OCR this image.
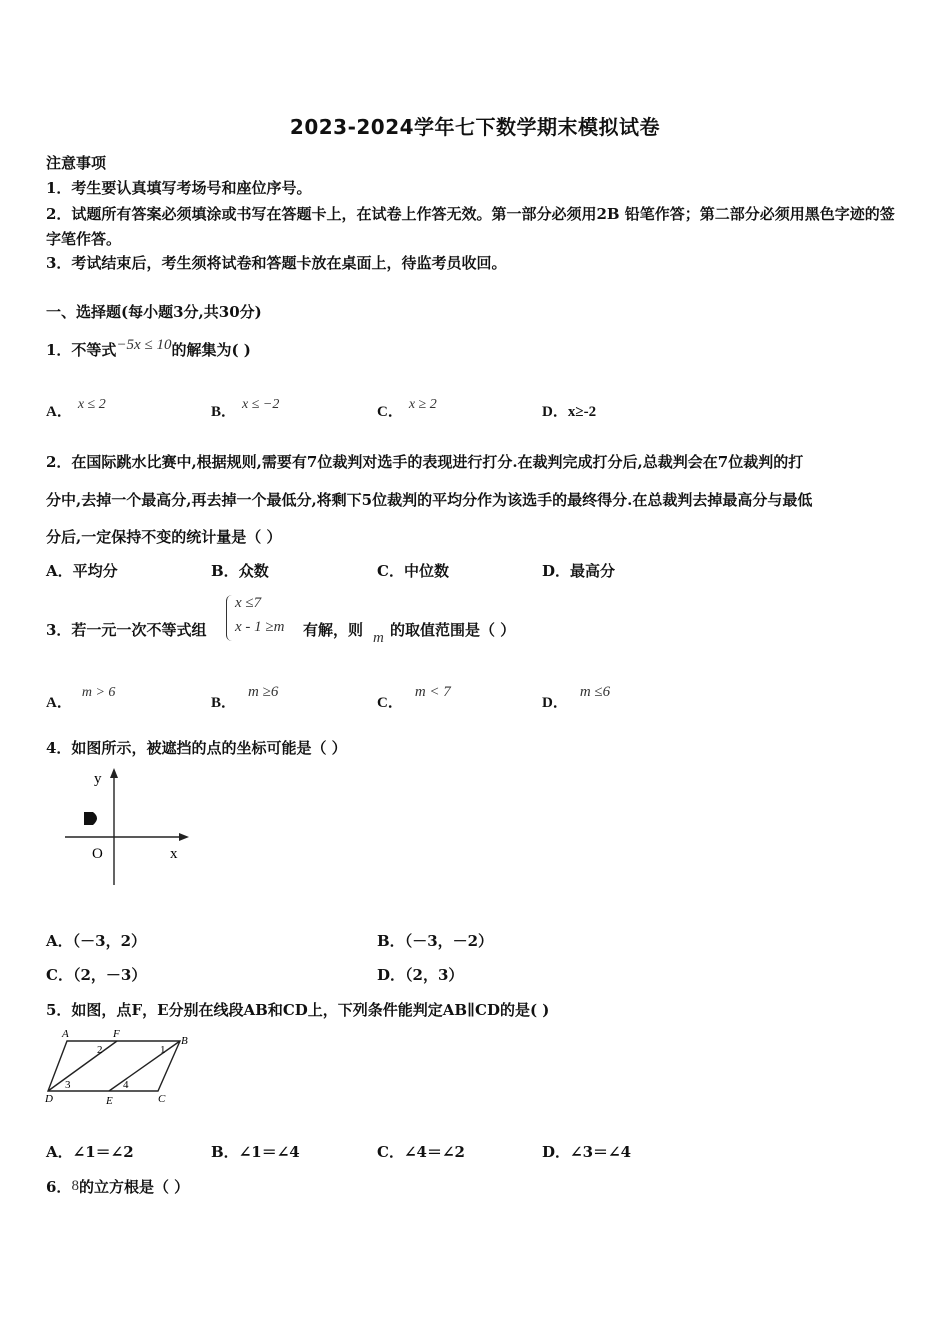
2023-2024学年七下数学期末模拟试卷
注意事项
1．考生要认真填写考场号和座位序号。
2．试题所有答案必须填涂或书写在答题卡上，在试卷上作答无效。第一部分必须用2B 铅笔作答；第二部分必须用黑色字迹的签字笔作答。
3．考试结束后，考生须将试卷和答题卡放在桌面上，待监考员收回。
一、选择题(每小题3分,共30分)
1．不等式−5x ≤ 10的解集为( )
A． x ≤ 2	B． x ≤ −2	C． x ≥ 2	D．x≥-2
2．在国际跳水比赛中,根据规则,需要有7位裁判对选手的表现进行打分.在裁判完成打分后,总裁判会在7位裁判的打
分中,去掉一个最高分,再去掉一个最低分,将剩下5位裁判的平均分作为该选手的最终得分.在总裁判去掉最高分与最低
分后,一定保持不变的统计量是（ ）
A．平均分	B．众数	C．中位数	D．最高分
3．若一元一次不等式组
x ≤7
x - 1 ≥m 有解，则 m 的取值范围是（ ）
A．m > 6
B．m ≥6
C．m < 7
D．m ≤6
4．如图所示，被遮挡的点的坐标可能是（ ）
y
x
O
A．（－3，2）	B．（－3，－2）
C．（2，－3）	D．（2，3）
5．如图，点F，E分别在线段AB和CD上，下列条件能判定AB∥CD的是( )
A	F
B
D	E	C
1
2
3	4
A．∠1＝∠2	B．∠1＝∠4	C．∠4＝∠2	D．∠3＝∠4
6．8的立方根是（ ）
